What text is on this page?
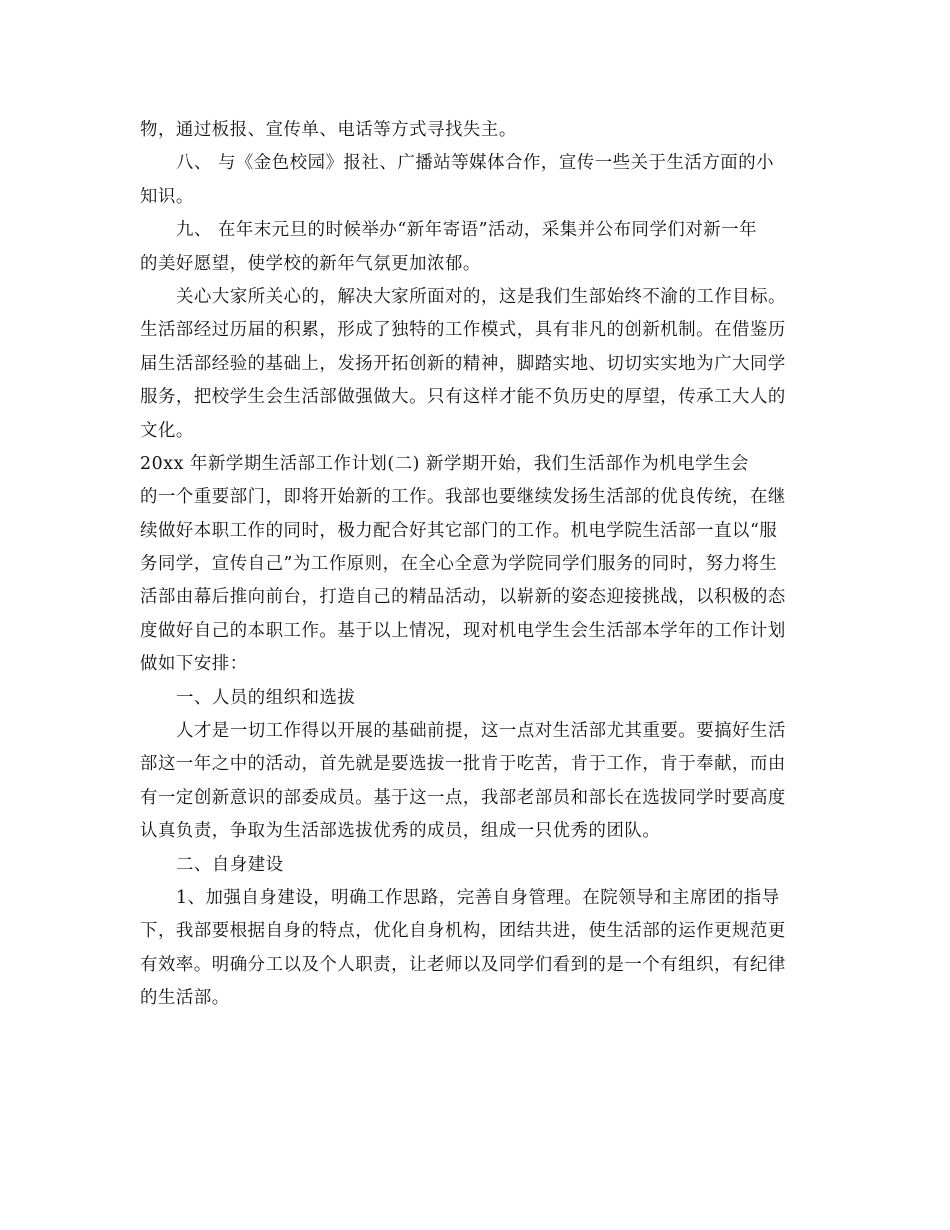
物，通过板报、宣传单、电话等方式寻找失主。
八、 与《金色校园》报社、广播站等媒体合作，宣传一些关于生活方面的小
知识。
九、 在年末元旦的时候举办“新年寄语”活动，采集并公布同学们对新一年
的美好愿望，使学校的新年气氛更加浓郁。
关心大家所关心的，解决大家所面对的，这是我们生部始终不渝的工作目标。
生活部经过历届的积累，形成了独特的工作模式，具有非凡的创新机制。在借鉴历
届生活部经验的基础上，发扬开拓创新的精神，脚踏实地、切切实实地为广大同学
服务，把校学生会生活部做强做大。只有这样才能不负历史的厚望，传承工大人的
文化。
20xx 年新学期生活部工作计划(二) 新学期开始，我们生活部作为机电学生会
的一个重要部门，即将开始新的工作。我部也要继续发扬生活部的优良传统，在继
续做好本职工作的同时，极力配合好其它部门的工作。机电学院生活部一直以“服
务同学，宣传自己”为工作原则，在全心全意为学院同学们服务的同时，努力将生
活部由幕后推向前台，打造自己的精品活动，以崭新的姿态迎接挑战，以积极的态
度做好自己的本职工作。基于以上情况，现对机电学生会生活部本学年的工作计划
做如下安排：
一、人员的组织和选拔
人才是一切工作得以开展的基础前提，这一点对生活部尤其重要。要搞好生活
部这一年之中的活动，首先就是要选拔一批肯于吃苦，肯于工作，肯于奉献，而由
有一定创新意识的部委成员。基于这一点，我部老部员和部长在选拔同学时要高度
认真负责，争取为生活部选拔优秀的成员，组成一只优秀的团队。
二、自身建设
1、加强自身建设，明确工作思路，完善自身管理。在院领导和主席团的指导
下，我部要根据自身的特点，优化自身机构，团结共进，使生活部的运作更规范更
有效率。明确分工以及个人职责，让老师以及同学们看到的是一个有组织，有纪律
的生活部。
